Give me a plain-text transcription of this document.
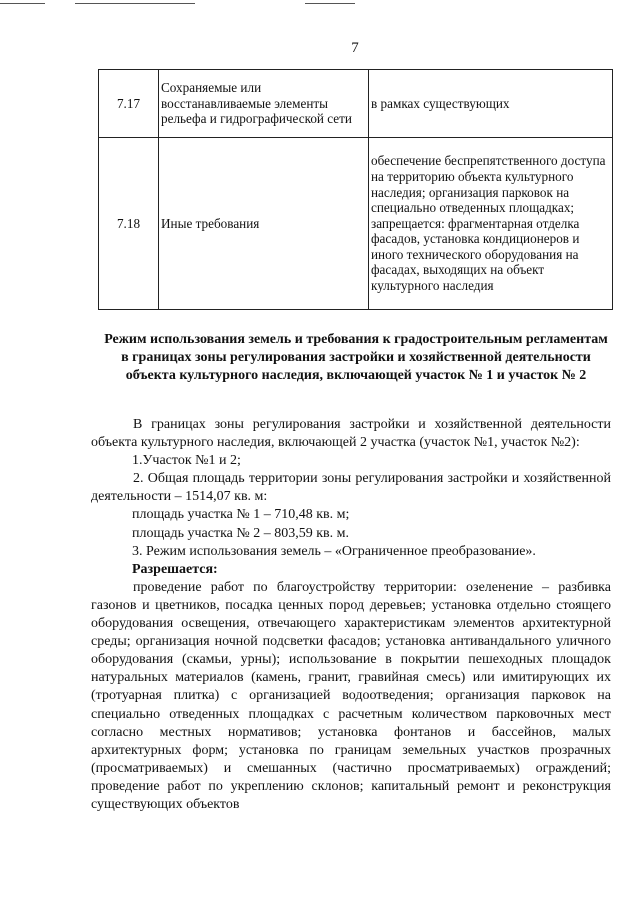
7
7.17	Сохраняемые или восстанавливаемые элементы рельефа и гидрографической сети	в рамках существующих
7.18	Иные требования	обеспечение беспрепятственного доступа на территорию объекта культурного наследия; организация парковок на специально отведенных площадках; запрещается: фрагментарная отделка фасадов, установка кондиционеров и иного технического оборудования на фасадах, выходящих на объект культурного наследия
Режим использования земель и требования к градостроительным регламентам в границах зоны регулирования застройки и хозяйственной деятельности объекта культурного наследия, включающей участок № 1 и участок № 2

В границах зоны регулирования застройки и хозяйственной деятельности объекта культурного наследия, включающей 2 участка (участок №1, участок №2):

1.Участок №1 и 2;

2. Общая площадь территории зоны регулирования застройки и хозяйственной деятельности – 1514,07 кв. м:

площадь участка № 1 – 710,48 кв. м;

площадь участка № 2 – 803,59 кв. м.

3. Режим использования земель – «Ограниченное преобразование».

Разрешается:

проведение работ по благоустройству территории: озеленение – разбивка газонов и цветников, посадка ценных пород деревьев; установка отдельно стоящего оборудования освещения, отвечающего характеристикам элементов архитектурной среды; организация ночной подсветки фасадов; установка антивандального уличного оборудования (скамьи, урны); использование в покрытии пешеходных площадок натуральных материалов (камень, гранит, гравийная смесь) или имитирующих их (тротуарная плитка) с организацией водоотведения; организация парковок на специально отведенных площадках с расчетным количеством парковочных мест согласно местных нормативов; установка фонтанов и бассейнов, малых архитектурных форм; установка по границам земельных участков прозрачных (просматриваемых) и смешанных (частично просматриваемых) ограждений; проведение работ по укреплению склонов; капитальный ремонт и реконструкция существующих объектов
